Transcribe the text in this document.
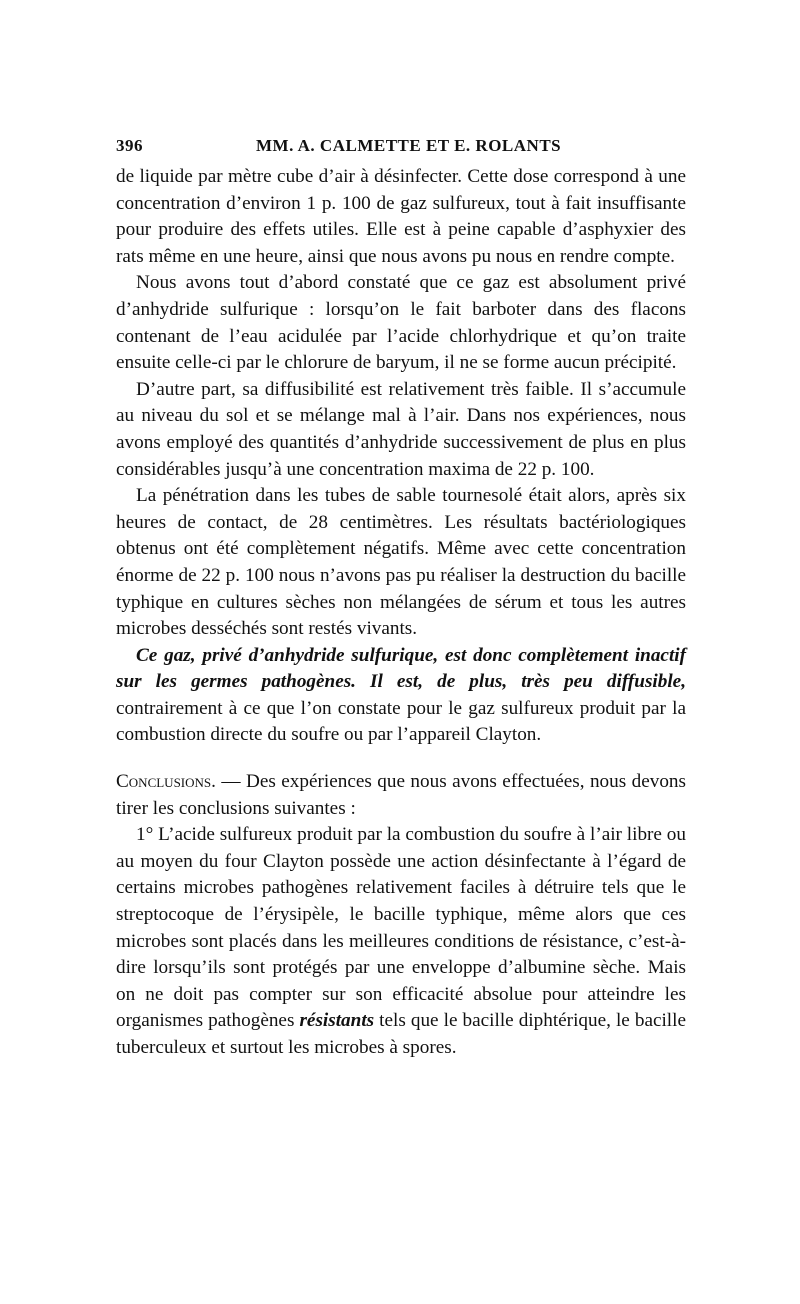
396	MM. A. CALMETTE ET E. ROLANTS

de liquide par mètre cube d’air à désinfecter. Cette dose correspond à une concentration d’environ 1 p. 100 de gaz sulfureux, tout à fait insuffisante pour produire des effets utiles. Elle est à peine capable d’asphyxier des rats même en une heure, ainsi que nous avons pu nous en rendre compte.

Nous avons tout d’abord constaté que ce gaz est absolument privé d’anhydride sulfurique : lorsqu’on le fait barboter dans des flacons contenant de l’eau acidulée par l’acide chlorhydrique et qu’on traite ensuite celle-ci par le chlorure de baryum, il ne se forme aucun précipité.

D’autre part, sa diffusibilité est relativement très faible. Il s’accumule au niveau du sol et se mélange mal à l’air. Dans nos expériences, nous avons employé des quantités d’anhydride successivement de plus en plus considérables jusqu’à une concentration maxima de 22 p. 100.

La pénétration dans les tubes de sable tournesolé était alors, après six heures de contact, de 28 centimètres. Les résultats bactériologiques obtenus ont été complètement négatifs. Même avec cette concentration énorme de 22 p. 100 nous n’avons pas pu réaliser la destruction du bacille typhique en cultures sèches non mélangées de sérum et tous les autres microbes desséchés sont restés vivants.

Ce gaz, privé d’anhydride sulfurique, est donc complètement inactif sur les germes pathogènes. Il est, de plus, très peu diffusible, contrairement à ce que l’on constate pour le gaz sulfureux produit par la combustion directe du soufre ou par l’appareil Clayton.

Conclusions. — Des expériences que nous avons effectuées, nous devons tirer les conclusions suivantes :

1° L’acide sulfureux produit par la combustion du soufre à l’air libre ou au moyen du four Clayton possède une action désinfectante à l’égard de certains microbes pathogènes relativement faciles à détruire tels que le streptocoque de l’érysipèle, le bacille typhique, même alors que ces microbes sont placés dans les meilleures conditions de résistance, c’est-à-dire lorsqu’ils sont protégés par une enveloppe d’albumine sèche. Mais on ne doit pas compter sur son efficacité absolue pour atteindre les organismes pathogènes résistants tels que le bacille diphtérique, le bacille tuberculeux et surtout les microbes à spores.
